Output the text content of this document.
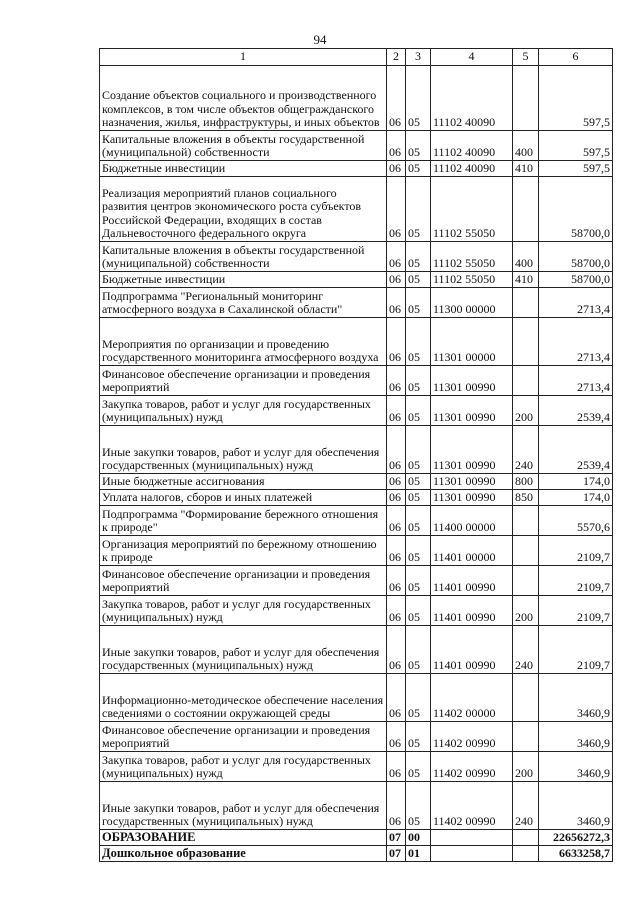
94
1	2	3	4	5	6
Создание объектов социального и производственного комплексов, в том числе объектов общегражданского назначения, жилья, инфраструктуры, и иных объектов	06	05	11102 40090		597,5
Капитальные вложения в объекты государственной (муниципальной) собственности	06	05	11102 40090	400	597,5
Бюджетные инвестиции	06	05	11102 40090	410	597,5
Реализация мероприятий планов социального развития центров экономического роста субъектов Российской Федерации, входящих в состав Дальневосточного федерального округа	06	05	11102 55050		58700,0
Капитальные вложения в объекты государственной (муниципальной) собственности	06	05	11102 55050	400	58700,0
Бюджетные инвестиции	06	05	11102 55050	410	58700,0
Подпрограмма "Региональный мониторинг атмосферного воздуха в Сахалинской области"	06	05	11300 00000		2713,4
Мероприятия по организации и проведению государственного мониторинга атмосферного воздуха	06	05	11301 00000		2713,4
Финансовое обеспечение организации и проведения мероприятий	06	05	11301 00990		2713,4
Закупка товаров, работ и услуг для государственных (муниципальных) нужд	06	05	11301 00990	200	2539,4
Иные закупки товаров, работ и услуг для обеспечения государственных (муниципальных) нужд	06	05	11301 00990	240	2539,4
Иные бюджетные ассигнования	06	05	11301 00990	800	174,0
Уплата налогов, сборов и иных платежей	06	05	11301 00990	850	174,0
Подпрограмма "Формирование бережного отношения к природе"	06	05	11400 00000		5570,6
Организация мероприятий по бережному отношению к природе	06	05	11401 00000		2109,7
Финансовое обеспечение организации и проведения мероприятий	06	05	11401 00990		2109,7
Закупка товаров, работ и услуг для государственных (муниципальных) нужд	06	05	11401 00990	200	2109,7
Иные закупки товаров, работ и услуг для обеспечения государственных (муниципальных) нужд	06	05	11401 00990	240	2109,7
Информационно-методическое обеспечение населения сведениями о состоянии окружающей среды	06	05	11402 00000		3460,9
Финансовое обеспечение организации и проведения мероприятий	06	05	11402 00990		3460,9
Закупка товаров, работ и услуг для государственных (муниципальных) нужд	06	05	11402 00990	200	3460,9
Иные закупки товаров, работ и услуг для обеспечения государственных (муниципальных) нужд	06	05	11402 00990	240	3460,9
ОБРАЗОВАНИЕ	07	00			22656272,3
Дошкольное образование	07	01			6633258,7
